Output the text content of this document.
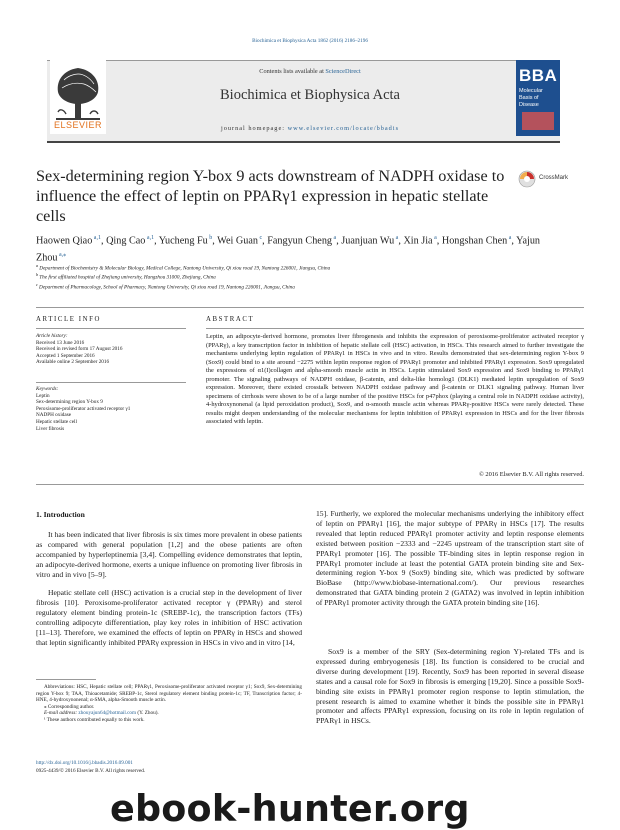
Biochimica et Biophysica Acta 1862 (2016) 2186–2196
ELSEVIER
Contents lists available at ScienceDirect
Biochimica et Biophysica Acta
journal homepage: www.elsevier.com/locate/bbadis
BBA
Molecular Basis of Disease
Sex-determining region Y-box 9 acts downstream of NADPH oxidase to influence the effect of leptin on PPARγ1 expression in hepatic stellate cells
CrossMark
Haowen Qiao $^{a,1}$, Qing Cao $^{a,1}$, Yucheng Fu $^b$, Wei Guan $^c$, Fangyun Cheng $^a$, Juanjuan Wu $^a$, Xin Jia $^a$, Hongshan Chen $^a$, Yajun Zhou $^{a,⁎}$
$^a$ Department of Biochemistry & Molecular Biology, Medical College, Nantong University, Qi xiou road 19, Nantong 226001, Jiangsu, China
$^b$ The first affiliated hospital of Zhejiang university, Hangzhou 31000, Zhejiang, China
$^c$ Department of Pharmacology, School of Pharmacy, Nantong University, Qi xiou road 19, Nantong 226001, Jiangsu, China
ARTICLE INFO
Article history:
Received 13 June 2016
Received in revised form 17 August 2016
Accepted 1 September 2016
Available online 2 September 2016
Keywords:
Leptin
Sex-determining region Y-box 9
Peroxisome-proliferator activated receptor γ1
NADPH oxidase
Hepatic stellate cell
Liver fibrosis
ABSTRACT
Leptin, an adipocyte-derived hormone, promotes liver fibrogenesis and inhibits the expression of peroxisome-proliferator activated receptor γ (PPARγ), a key transcription factor in inhibition of hepatic stellate cell (HSC) activation, in HSCs. This research aimed to further investigate the mechanisms underlying leptin regulation of PPARγ1 in HSCs in vivo and in vitro. Results demonstrated that sex-determining region Y-box 9 (Sox9) could bind to a site around −2275 within leptin response region of PPARγ1 promoter and inhibited PPARγ1 expression. Sox9 upregulated the expressions of α1(I)collagen and alpha-smooth muscle actin in HSCs. Leptin stimulated Sox9 expression and Sox9 binding to PPARγ1 promoter. The signaling pathways of NADPH oxidase, β-catenin, and delta-like homolog1 (DLK1) mediated leptin upregulation of Sox9 expression. Moreover, there existed crosstalk between NADPH oxidase pathway and β-catenin or DLK1 signaling pathway. Human liver specimens of cirrhosis were shown to be of a large number of the positive HSCs for p47phox (playing a central role in NADPH oxidase activity), 4-hydroxynonenal (a lipid peroxidation product), Sox9, and α-smooth muscle actin whereas PPARγ-positive HSCs were rarely detected. These results might deepen understanding of the molecular mechanisms for leptin inhibition of PPARγ1 expression in HSCs and for the liver fibrosis associated with leptin.
© 2016 Elsevier B.V. All rights reserved.
1. Introduction
It has been indicated that liver fibrosis is six times more prevalent in obese patients as compared with general population [1,2] and the obese patients are often accompanied by hyperleptinemia [3,4]. Compelling evidence demonstrates that leptin, an adipocyte-derived hormone, exerts a unique influence on promoting liver fibrosis in vitro and in vivo [5–9].
Hepatic stellate cell (HSC) activation is a crucial step in the development of liver fibrosis [10]. Peroxisome-proliferator activated receptor γ (PPARγ) and sterol regulatory element binding protein-1c (SREBP-1c), the transcription factors (TFs) controlling adipocyte differentiation, play key roles in inhibition of HSC activation [11–13]. Therefore, we examined the effects of leptin on PPARγ in HSCs and showed that leptin significantly inhibited PPARγ expression in HSCs in vivo and in vitro [14,
Abbreviations: HSC, Hepatic stellate cell; PPARγ1, Peroxisome-proliferator activated receptor γ1; Sox9, Sex-determining region Y-box 9; TAA, Thioacetamide; SREBP-1c, Sterol regulatory element binding protein-1c; TF, Transcription factor; 4-HNE, 4-hydroxynonenal; α-SMA, alpha-Smooth muscle actin.
⁎ Corresponding author.
E-mail address: zhouyajun64@hotmail.com (Y. Zhou).
¹ These authors contributed equally to this work.
http://dx.doi.org/10.1016/j.bbadis.2016.09.001
0925-4439/© 2016 Elsevier B.V. All rights reserved.
15]. Furtherly, we explored the molecular mechanisms underlying the inhibitory effect of leptin on PPARγ1 [16], the major subtype of PPARγ in HSCs [17]. The results revealed that leptin reduced PPARγ1 promoter activity and leptin response elements existed between position −2333 and −2245 upstream of the transcription start site of PPARγ1 promoter [16]. The possible TF-binding sites in leptin response region in PPARγ1 promoter include at least the potential GATA protein binding site and Sex-determining region Y-box 9 (Sox9) binding site, which was predicted by software BioBase (http://www.biobase-international.com/). Our previous researches demonstrated that GATA binding protein 2 (GATA2) was involved in leptin inhibition of PPARγ1 promoter activity through the GATA protein binding site [16].
Sox9 is a member of the SRY (Sex-determining region Y)-related TFs and is expressed during embryogenesis [18]. Its function is considered to be crucial and diverse during development [19]. Recently, Sox9 has been reported in several disease states and a causal role for Sox9 in fibrosis is emerging [19,20]. Since a possible Sox9-binding site exists in PPARγ1 promoter region response to leptin stimulation, the present research is aimed to examine whether it binds the possible site in PPARγ1 promoter and affects PPARγ1 expression, focusing on its role in leptin regulation of PPARγ1 in HSCs.
ebook-hunter.org
